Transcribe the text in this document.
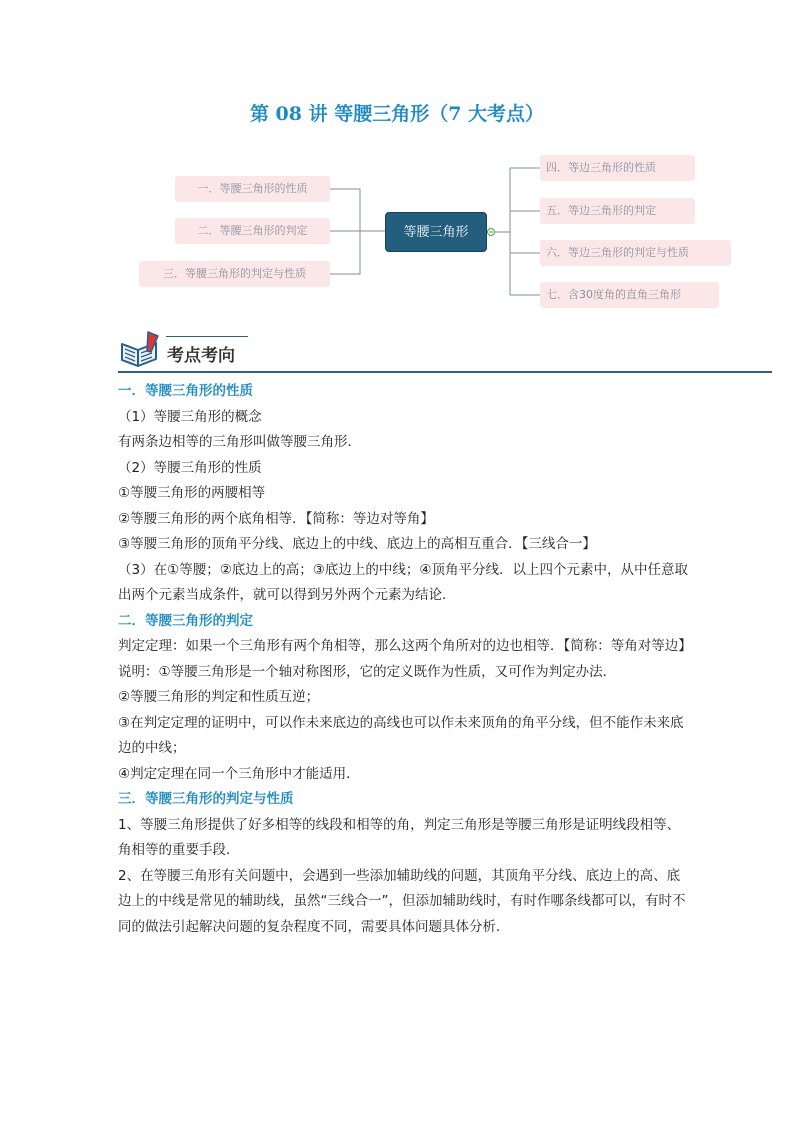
第 08 讲 等腰三角形（7 大考点）
一．等腰三角形的性质
二．等腰三角形的判定
三．等腰三角形的判定与性质
等腰三角形
四．等边三角形的性质
五．等边三角形的判定
六．等边三角形的判定与性质
七．含30度角的直角三角形
考点考向

一．等腰三角形的性质

（1）等腰三角形的概念

有两条边相等的三角形叫做等腰三角形．

（2）等腰三角形的性质

①等腰三角形的两腰相等

②等腰三角形的两个底角相等．【简称：等边对等角】

③等腰三角形的顶角平分线、底边上的中线、底边上的高相互重合．【三线合一】

（3）在①等腰；②底边上的高；③底边上的中线；④顶角平分线．以上四个元素中，从中任意取出两个元素当成条件，就可以得到另外两个元素为结论．

二．等腰三角形的判定

判定定理：如果一个三角形有两个角相等，那么这两个角所对的边也相等．【简称：等角对等边】

说明：①等腰三角形是一个轴对称图形，它的定义既作为性质，又可作为判定办法．

②等腰三角形的判定和性质互逆；

③在判定定理的证明中，可以作未来底边的高线也可以作未来顶角的角平分线，但不能作未来底边的中线；

④判定定理在同一个三角形中才能适用．

三．等腰三角形的判定与性质

1、等腰三角形提供了好多相等的线段和相等的角，判定三角形是等腰三角形是证明线段相等、角相等的重要手段．

2、在等腰三角形有关问题中，会遇到一些添加辅助线的问题，其顶角平分线、底边上的高、底边上的中线是常见的辅助线，虽然“三线合一”，但添加辅助线时，有时作哪条线都可以，有时不同的做法引起解决问题的复杂程度不同，需要具体问题具体分析．
